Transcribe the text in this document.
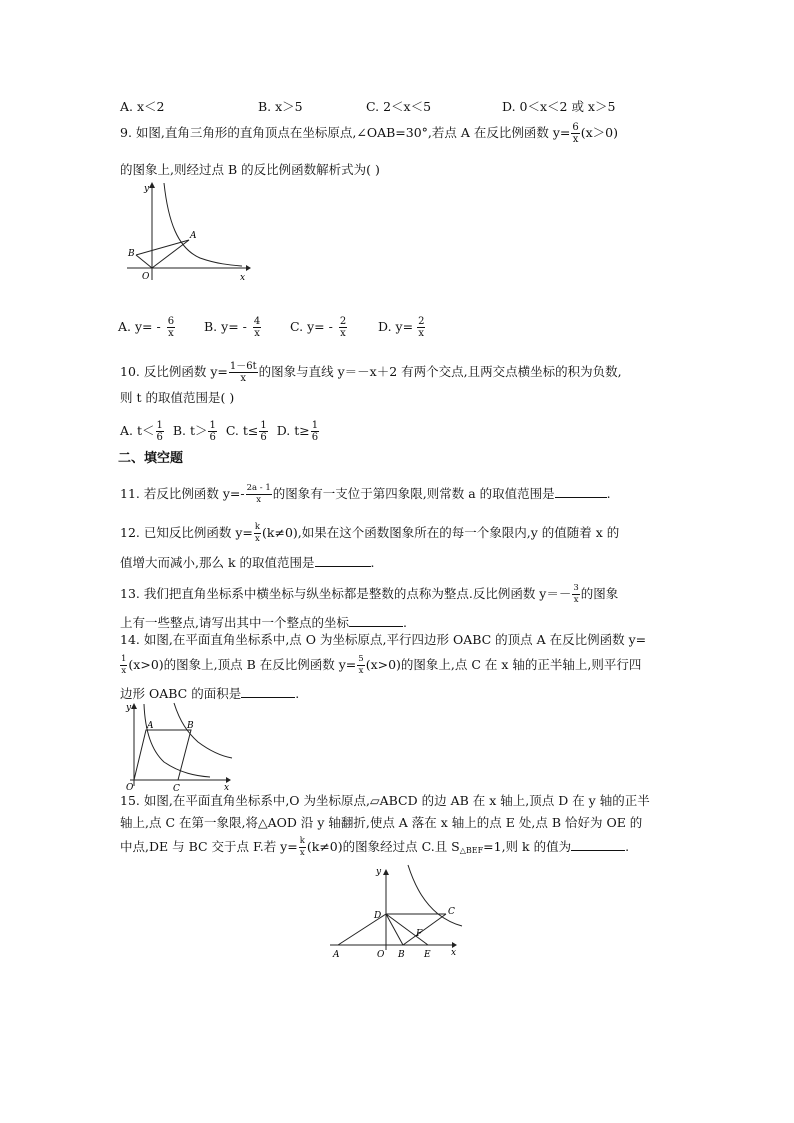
A. x＜2	B. x＞5	C. 2＜x＜5	D. 0＜x＜2 或 x＞5
9. 如图,直角三角形的直角顶点在坐标原点,∠OAB=30°,若点 A 在反比例函数 $y= \frac{6}{x} (x>0)$
的图象上,则经过点 B 的反比例函数解析式为( )
y
x
A
B
O
A. $y= - \frac{6}{x} B$. $y= - \frac{4}{x} C$. $y= - \frac{2}{x} D$. $y= \frac{2}{x}$
10. 反比例函数 $y= \frac{1-6t}{x}$ 的图象与直线 y＝－x＋2 有两个交点,且两交点横坐标的积为负数,
则 t 的取值范围是( )
A. $t< \frac{1}{6} B$. $t> \frac{1}{6} C$. $t\le \frac{1}{6} D$. $t\ge \frac{1}{6}$
二、填空题
11. 若反比例函数 $y=- \frac{2a - 1}{x}$ 的图象有一支位于第四象限,则常数 a 的取值范围是	.
12. 已知反比例函数 $y= \frac{k}{x} (k\ne 0)$,如果在这个函数图象所在的每一个象限内,y 的值随着 x 的
值增大而减小,那么 k 的取值范围是	.
13. 我们把直角坐标系中横坐标与纵坐标都是整数的点称为整点.反比例函数 $y=- \frac{3}{x}$ 的图象
上有一些整点,请写出其中一个整点的坐标	.
14. 如图,在平面直角坐标系中,点 O 为坐标原点,平行四边形 OABC 的顶点 A 在反比例函数 y=
$\frac{1}{x} (x>0)$的图象上,顶点 B 在反比例函数 $y= \frac{5}{x} (x>0)$的图象上,点 C 在 x 轴的正半轴上,则平行四
边形 OABC 的面积是	.
y
x
A	B
O	C
15. 如图,在平面直角坐标系中,O 为坐标原点,▱ABCD 的边 AB 在 x 轴上,顶点 D 在 y 轴的正半
轴上,点 C 在第一象限,将△AOD 沿 y 轴翻折,使点 A 落在 x 轴上的点 E 处,点 B 恰好为 OE 的
中点,DE 与 BC 交于点 F.若 $y= \frac{k}{x} (k\ne 0)$的图象经过点 C.且 $S_{\triangle BEF}=1$,则 k 的值为	.
y
x
A	O B E
D	C
F
